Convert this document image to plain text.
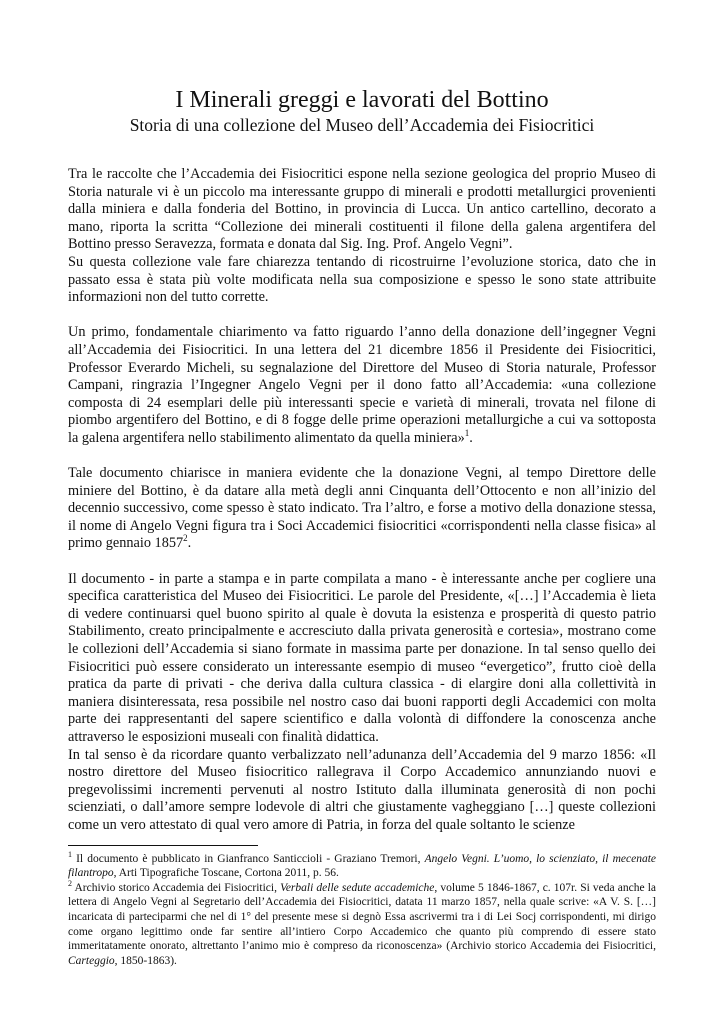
I Minerali greggi e lavorati del Bottino
Storia di una collezione del Museo dell’Accademia dei Fisiocritici

Tra le raccolte che l’Accademia dei Fisiocritici espone nella sezione geologica del proprio Museo di Storia naturale vi è un piccolo ma interessante gruppo di minerali e prodotti metallurgici provenienti dalla miniera e dalla fonderia del Bottino, in provincia di Lucca. Un antico cartellino, decorato a mano, riporta la scritta “Collezione dei minerali costituenti il filone della galena argentifera del Bottino presso Seravezza, formata e donata dal Sig. Ing. Prof. Angelo Vegni”.

Su questa collezione vale fare chiarezza tentando di ricostruirne l’evoluzione storica, dato che in passato essa è stata più volte modificata nella sua composizione e spesso le sono state attribuite informazioni non del tutto corrette.

Un primo, fondamentale chiarimento va fatto riguardo l’anno della donazione dell’ingegner Vegni all’Accademia dei Fisiocritici. In una lettera del 21 dicembre 1856 il Presidente dei Fisiocritici, Professor Everardo Micheli, su segnalazione del Direttore del Museo di Storia naturale, Professor Campani, ringrazia l’Ingegner Angelo Vegni per il dono fatto all’Accademia: «una collezione composta di 24 esemplari delle più interessanti specie e varietà di minerali, trovata nel filone di piombo argentifero del Bottino, e di 8 fogge delle prime operazioni metallurgiche a cui va sottoposta la galena argentifera nello stabilimento alimentato da quella miniera»$^1$.

Tale documento chiarisce in maniera evidente che la donazione Vegni, al tempo Direttore delle miniere del Bottino, è da datare alla metà degli anni Cinquanta dell’Ottocento e non all’inizio del decennio successivo, come spesso è stato indicato. Tra l’altro, e forse a motivo della donazione stessa, il nome di Angelo Vegni figura tra i Soci Accademici fisiocritici «corrispondenti nella classe fisica» al primo gennaio 1857$^2$.

Il documento - in parte a stampa e in parte compilata a mano - è interessante anche per cogliere una specifica caratteristica del Museo dei Fisiocritici. Le parole del Presidente, «[…] l’Accademia è lieta di vedere continuarsi quel buono spirito al quale è dovuta la esistenza e prosperità di questo patrio Stabilimento, creato principalmente e accresciuto dalla privata generosità e cortesia», mostrano come le collezioni dell’Accademia si siano formate in massima parte per donazione. In tal senso quello dei Fisiocritici può essere considerato un interessante esempio di museo “evergetico”, frutto cioè della pratica da parte di privati - che deriva dalla cultura classica - di elargire doni alla collettività in maniera disinteressata, resa possibile nel nostro caso dai buoni rapporti degli Accademici con molta parte dei rappresentanti del sapere scientifico e dalla volontà di diffondere la conoscenza anche attraverso le esposizioni museali con finalità didattica.

In tal senso è da ricordare quanto verbalizzato nell’adunanza dell’Accademia del 9 marzo 1856: «Il nostro direttore del Museo fisiocritico rallegrava il Corpo Accademico annunziando nuovi e pregevolissimi incrementi pervenuti al nostro Istituto dalla illuminata generosità di non pochi scienziati, o dall’amore sempre lodevole di altri che giustamente vagheggiano […] queste collezioni come un vero attestato di qual vero amore di Patria, in forza del quale soltanto le scienze

$^1$ Il documento è pubblicato in Gianfranco Santiccioli - Graziano Tremori, Angelo Vegni. L’uomo, lo scienziato, il mecenate filantropo, Arti Tipografiche Toscane, Cortona 2011, p. 56.

$^2$ Archivio storico Accademia dei Fisiocritici, Verbali delle sedute accademiche, volume 5 1846-1867, c. 107r. Si veda anche la lettera di Angelo Vegni al Segretario dell’Accademia dei Fisiocritici, datata 11 marzo 1857, nella quale scrive: «A V. S. […] incaricata di parteciparmi che nel di 1° del presente mese si degnò Essa ascrivermi tra i di Lei Socj corrispondenti, mi dirigo come organo legittimo onde far sentire all’intiero Corpo Accademico che quanto più comprendo di essere stato immeritatamente onorato, altrettanto l’animo mio è compreso da riconoscenza» (Archivio storico Accademia dei Fisiocritici, Carteggio, 1850-1863).
